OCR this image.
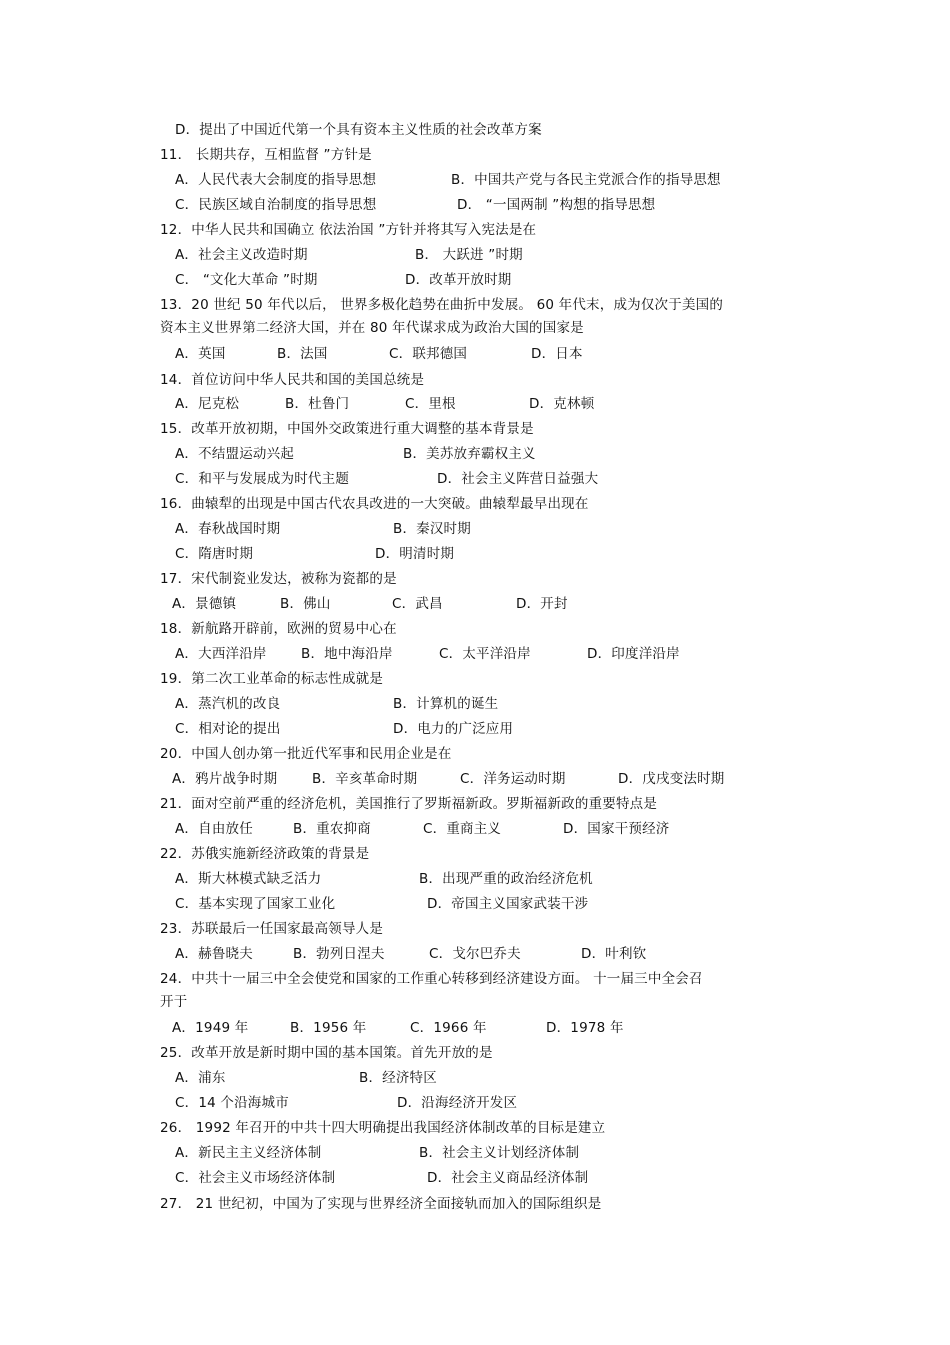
D．提出了中国近代第一个具有资本主义性质的社会改革方案
11． 长期共存，互相监督 ”方针是
A．人民代表大会制度的指导思想	B．中国共产党与各民主党派合作的指导思想
C．民族区域自治制度的指导思想	D． “一国两制 ”构想的指导思想
12．中华人民共和国确立 依法治国 ”方针并将其写入宪法是在
A．社会主义改造时期	B． 大跃进 ”时期
C． “文化大革命 ”时期	D．改革开放时期
13．20 世纪 50 年代以后， 世界多极化趋势在曲折中发展。 60 年代末，成为仅次于美国的
资本主义世界第二经济大国，并在 80 年代谋求成为政治大国的国家是
A．英国	B．法国	C．联邦德国	D．日本
14．首位访问中华人民共和国的美国总统是
A．尼克松	B．杜鲁门	C．里根	D．克林顿
15．改革开放初期，中国外交政策进行重大调整的基本背景是
A．不结盟运动兴起	B．美苏放弃霸权主义
C．和平与发展成为时代主题	D．社会主义阵营日益强大
16．曲辕犁的出现是中国古代农具改进的一大突破。曲辕犁最早出现在
A．春秋战国时期	B．秦汉时期
C．隋唐时期	D．明清时期
17．宋代制瓷业发达，被称为瓷都的是
A．景德镇	B．佛山	C．武昌	D．开封
18．新航路开辟前，欧洲的贸易中心在
A．大西洋沿岸	B．地中海沿岸	C．太平洋沿岸	D．印度洋沿岸
19．第二次工业革命的标志性成就是
A．蒸汽机的改良	B．计算机的诞生
C．相对论的提出	D．电力的广泛应用
20．中国人创办第一批近代军事和民用企业是在
A．鸦片战争时期	B．辛亥革命时期	C．洋务运动时期	D．戊戌变法时期
21．面对空前严重的经济危机，美国推行了罗斯福新政。罗斯福新政的重要特点是
A．自由放任	B．重农抑商	C．重商主义	D．国家干预经济
22．苏俄实施新经济政策的背景是
A．斯大林模式缺乏活力	B．出现严重的政治经济危机
C．基本实现了国家工业化	D．帝国主义国家武装干涉
23．苏联最后一任国家最高领导人是
A．赫鲁晓夫	B．勃列日涅夫	C．戈尔巴乔夫	D．叶利钦
24．中共十一届三中全会使党和国家的工作重心转移到经济建设方面。 十一届三中全会召
开于
A．1949 年	B．1956 年	C．1966 年	D．1978 年
25．改革开放是新时期中国的基本国策。首先开放的是
A．浦东	B．经济特区
C．14 个沿海城市	D．沿海经济开发区
26． 1992 年召开的中共十四大明确提出我国经济体制改革的目标是建立
A．新民主主义经济体制	B．社会主义计划经济体制
C．社会主义市场经济体制	D．社会主义商品经济体制
27． 21 世纪初，中国为了实现与世界经济全面接轨而加入的国际组织是
